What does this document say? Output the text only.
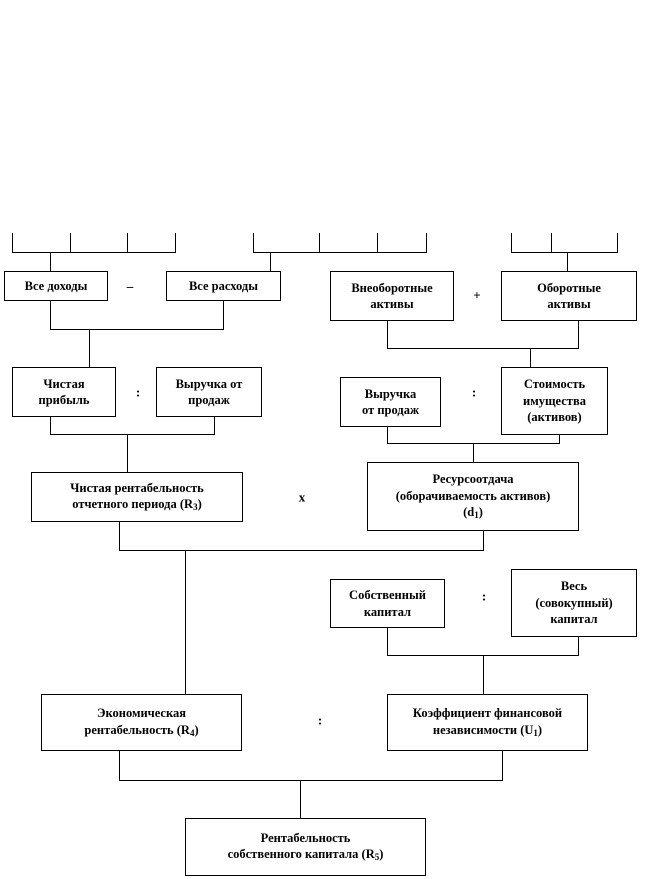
Все доходы	Все расходы	Внеоборотные
активы
Оборотные
активы
Чистая
прибыль
Выручка от
продаж	Выручка
от продаж
Стоимость
имущества
(активов)
Чистая рентабельность
отчетного периода $(R_3)$
Ресурсоотдача
(оборачиваемость активов)
$(d_1)$
Собственный
капитал
Весь
(совокупный)
капитал
Экономическая
рентабельность $(R_4)$
Коэффициент финансовой
независимости $(U_1)$
Рентабельность
собственного капитала $(R_5)$
–
+
:	:
x
:
:
